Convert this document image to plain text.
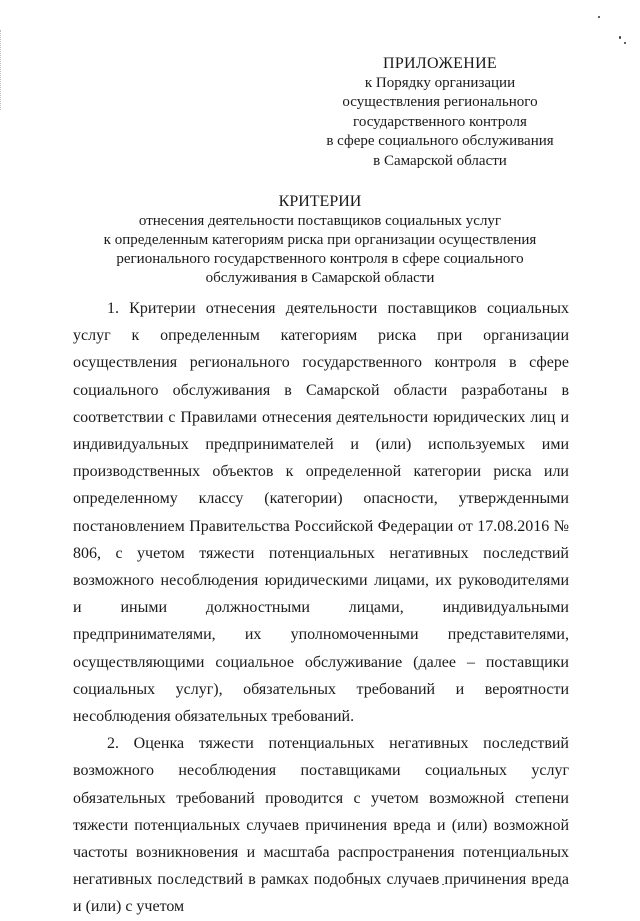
ПРИЛОЖЕНИЕ
к Порядку организации
осуществления регионального
государственного контроля
в сфере социального обслуживания
в Самарской области
КРИТЕРИИ
отнесения деятельности поставщиков социальных услуг
к определенным категориям риска при организации осуществления
регионального государственного контроля в сфере социального
обслуживания в Самарской области

1. Критерии отнесения деятельности поставщиков социальных услуг к определенным категориям риска при организации осуществления регионального государственного контроля в сфере социального обслуживания в Самарской области разработаны в соответствии с Правилами отнесения деятельности юридических лиц и индивидуальных предпринимателей и (или) используемых ими производственных объектов к определенной категории риска или определенному классу (категории) опасности, утвержденными постановлением Правительства Российской Федерации от 17.08.2016 № 806, с учетом тяжести потенциальных негативных последствий возможного несоблюдения юридическими лицами, их руководителями и иными должностными лицами, индивидуальными предпринимателями, их уполномоченными представителями, осуществляющими социальное обслуживание (далее – поставщики социальных услуг), обязательных требований и вероятности несоблюдения обязательных требований.

2. Оценка тяжести потенциальных негативных последствий возможного несоблюдения поставщиками социальных услуг обязательных требований проводится с учетом возможной степени тяжести потенциальных случаев причинения вреда и (или) возможной частоты возникновения и масштаба распространения потенциальных негативных последствий в рамках подобных случаев причинения вреда и (или) с учетом
